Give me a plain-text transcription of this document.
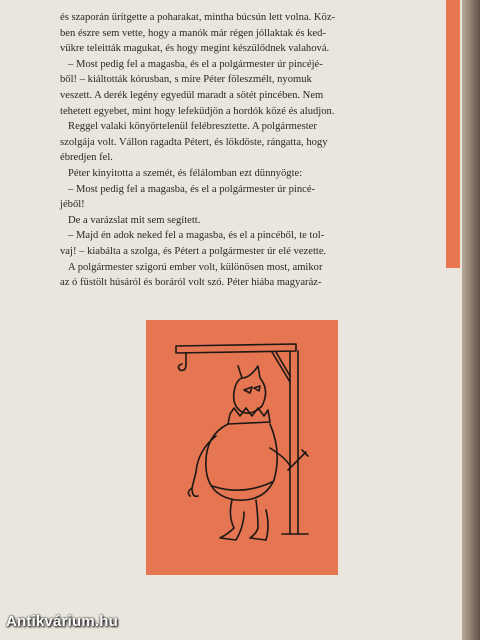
és szaporán ürítgette a poharakat, mintha búcsún lett volna. Köz-

ben észre sem vette, hogy a manók már régen jóllaktak és ked-

vükre teleitták magukat, és hogy megint készülődnek valahová.

– Most pedig fel a magasba, és el a polgármester úr pincéjé-

ből! – kiáltották kórusban, s mire Péter föleszmélt, nyomuk

veszett. A derék legény egyedül maradt a sötét pincében. Nem

tehetett egyebet, mint hogy lefeküdjön a hordók közé és aludjon.

Reggel valaki könyörtelenül felébresztette. A polgármester

szolgája volt. Vállon ragadta Pétert, és lökdöste, rángatta, hogy

ébredjen fel.

Péter kinyitotta a szemét, és félálomban ezt dünnyögte:

– Most pedig fel a magasba, és el a polgármester úr pincé-

jéből!

De a varázslat mit sem segített.

– Majd én adok neked fel a magasba, és el a pincéből, te tol-

vaj! – kiabálta a szolga, és Pétert a polgármester úr elé vezette.

A polgármester szigorú ember volt, különösen most, amikor

az ó füstölt húsáról és boráról volt szó. Péter hiába magyaráz-

Antikvárium.hu
